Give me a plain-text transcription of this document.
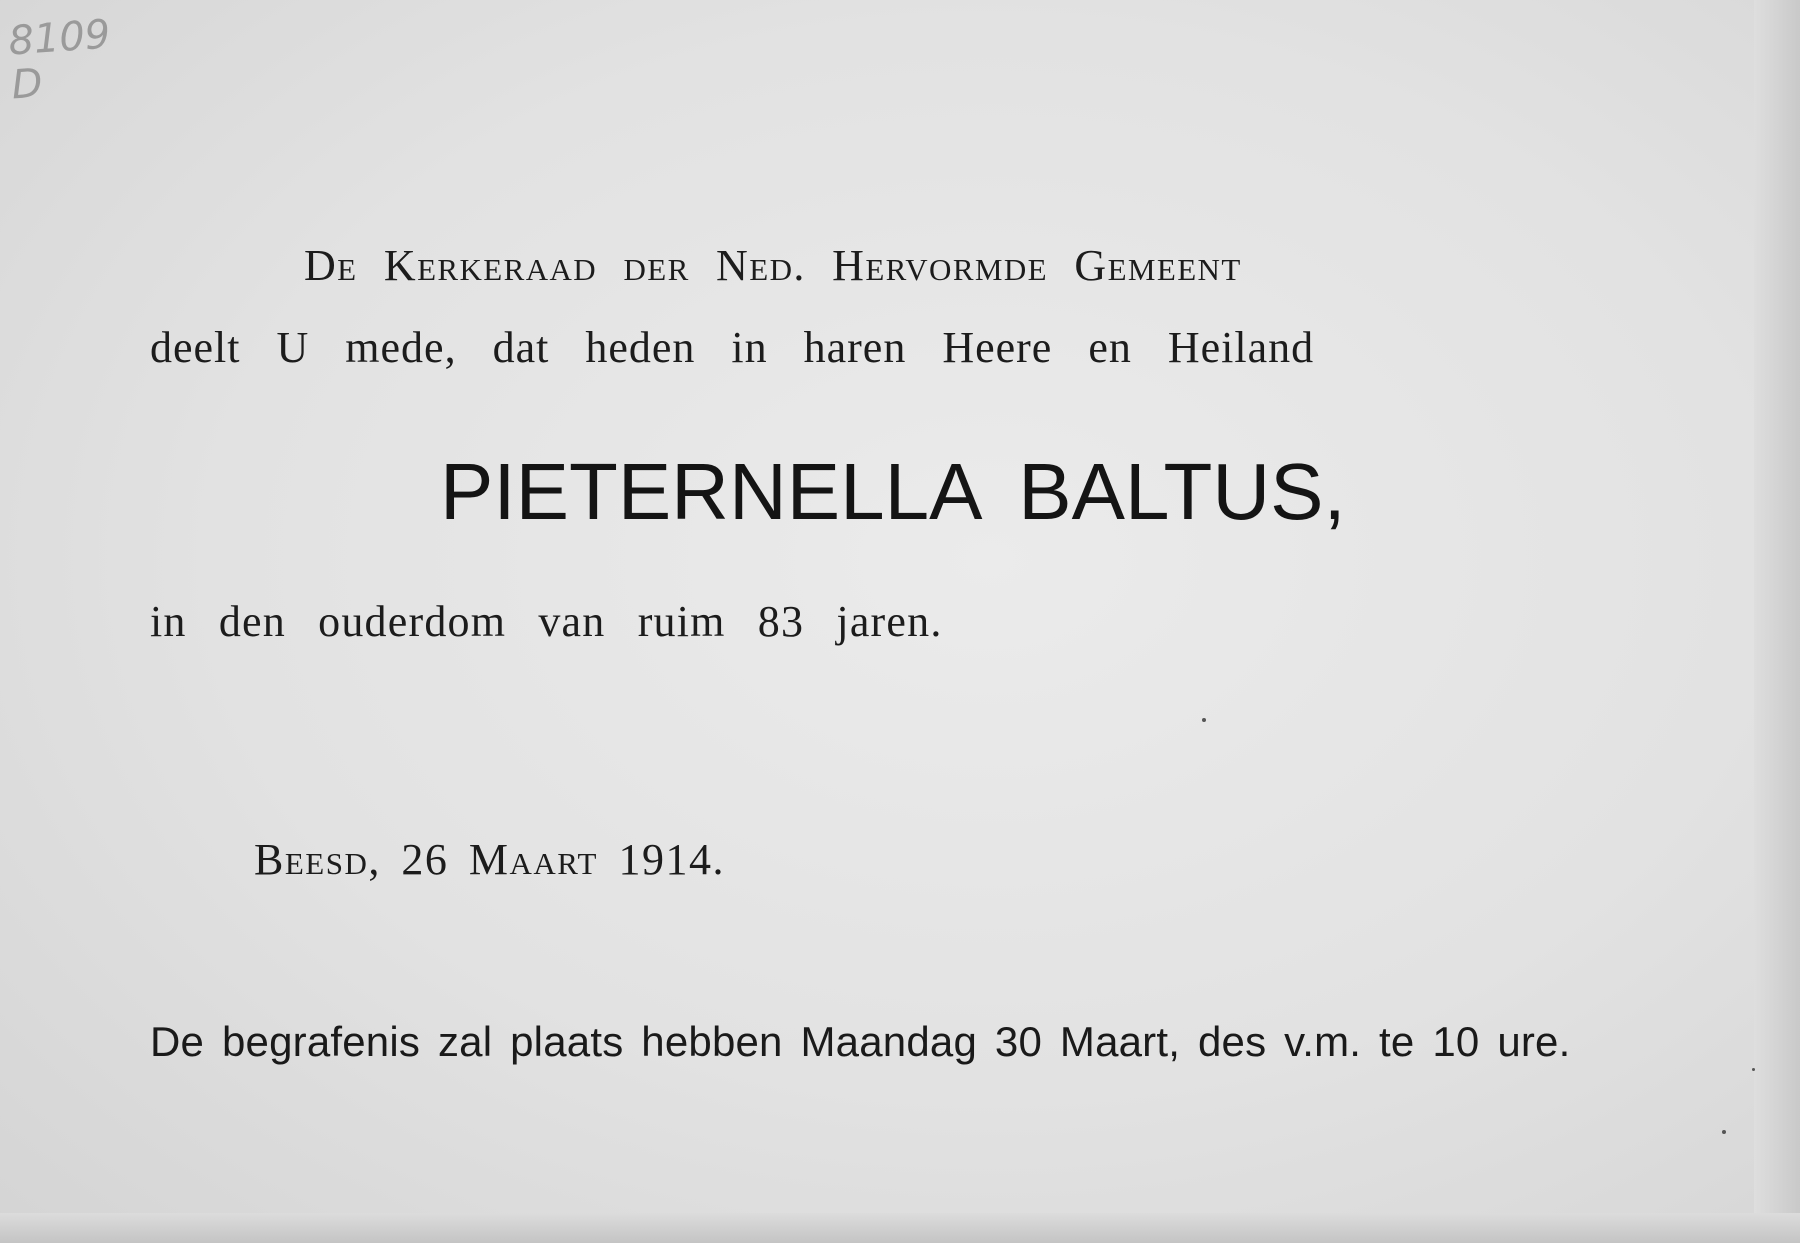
8109
D
De Kerkeraad der Ned. Hervormde Gemeent
deelt U mede, dat heden in haren Heere en Heiland
PIETERNELLA BALTUS,
in den ouderdom van ruim 83 jaren.
Beesd, 26 Maart 1914.
De begrafenis zal plaats hebben Maandag 30 Maart, des v.m. te 10 ure.
